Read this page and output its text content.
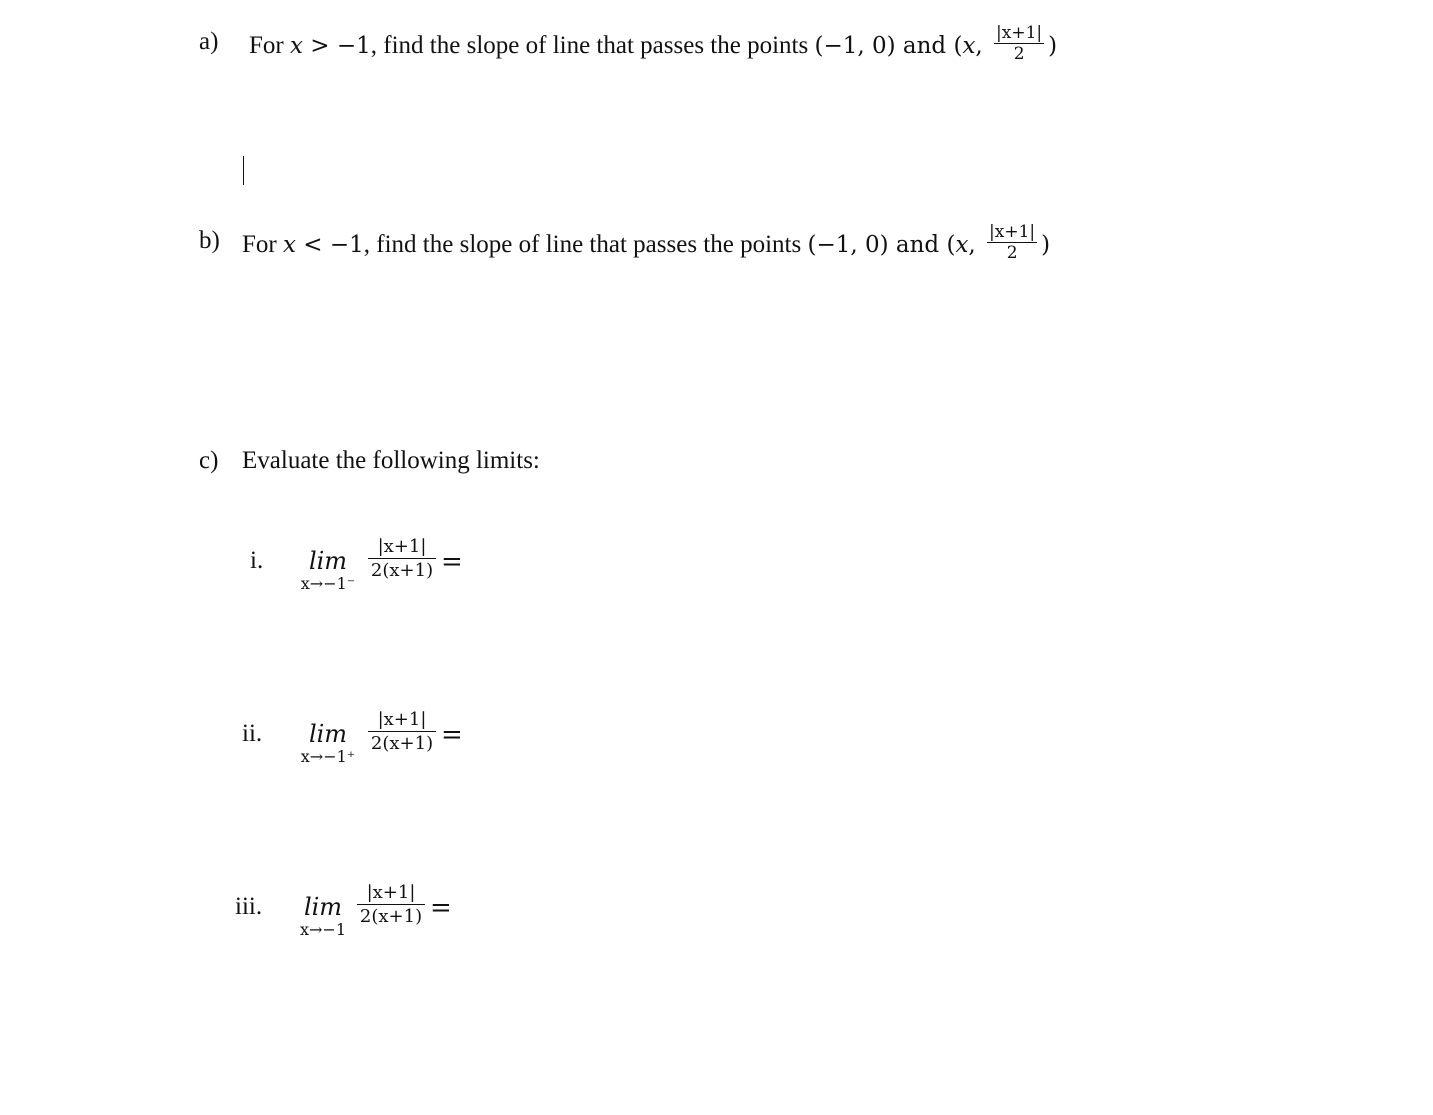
a) For x > −1, find the slope of line that passes the points (−1, 0) and (x, $\frac{|x+1|}{2}$ )
b) For x < −1, find the slope of line that passes the points (−1, 0) and (x, $\frac{|x+1|}{2}$ )
c) Evaluate the following limits:
i.	lim
x→−1⁻
$\frac{|x+1|}{2(x+1)}$ =
ii.	lim
x→−1⁺
$\frac{|x+1|}{2(x+1)}$ =
iii.	lim
x→−1
$\frac{|x+1|}{2(x+1)}$ =
